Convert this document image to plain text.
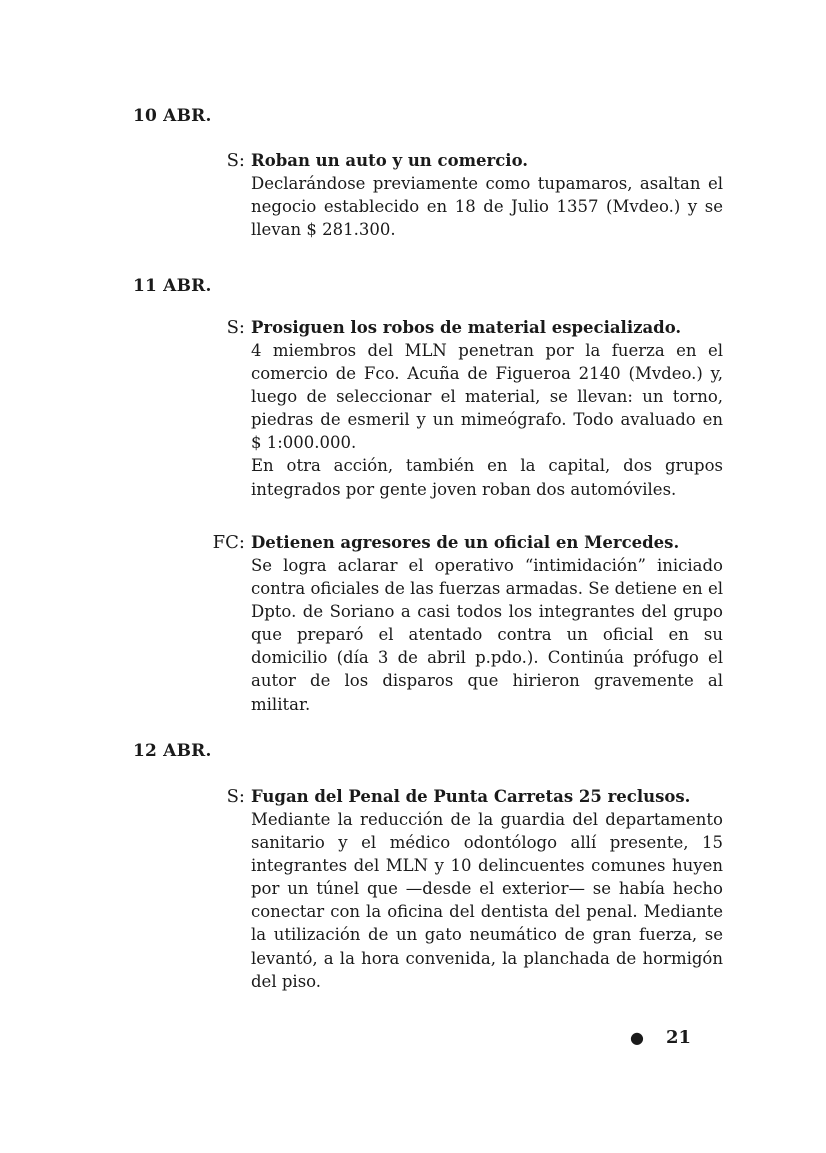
10 ABR.
S: Roban un auto y un comercio.

Declarándose previamente como tupamaros, asaltan el negocio establecido en 18 de Julio 1357 (Mvdeo.) y se llevan $ 281.300.

11 ABR.
S: Prosiguen los robos de material especializado.

4 miembros del MLN penetran por la fuerza en el comercio de Fco. Acuña de Figueroa 2140 (Mvdeo.) y, luego de seleccionar el material, se llevan: un torno, piedras de esmeril y un mimeógrafo. Todo avaluado en $ 1:000.000.

En otra acción, también en la capital, dos grupos integrados por gente joven roban dos automóviles.

FC: Detienen agresores de un oficial en Mercedes.

Se logra aclarar el operativo “intimidación” iniciado contra oficiales de las fuerzas armadas. Se detiene en el Dpto. de Soriano a casi todos los integrantes del grupo que preparó el atentado contra un oficial en su domicilio (día 3 de abril p.pdo.). Continúa prófugo el autor de los disparos que hirieron gravemente al militar.

12 ABR.
S: Fugan del Penal de Punta Carretas 25 reclusos.

Mediante la reducción de la guardia del departamento sanitario y el médico odontólogo allí presente, 15 integrantes del MLN y 10 delincuentes comunes huyen por un túnel que —desde el exterior— se había hecho conectar con la oficina del dentista del penal. Mediante la utilización de un gato neumático de gran fuerza, se levantó, a la hora convenida, la planchada de hormigón del piso.

● 21
